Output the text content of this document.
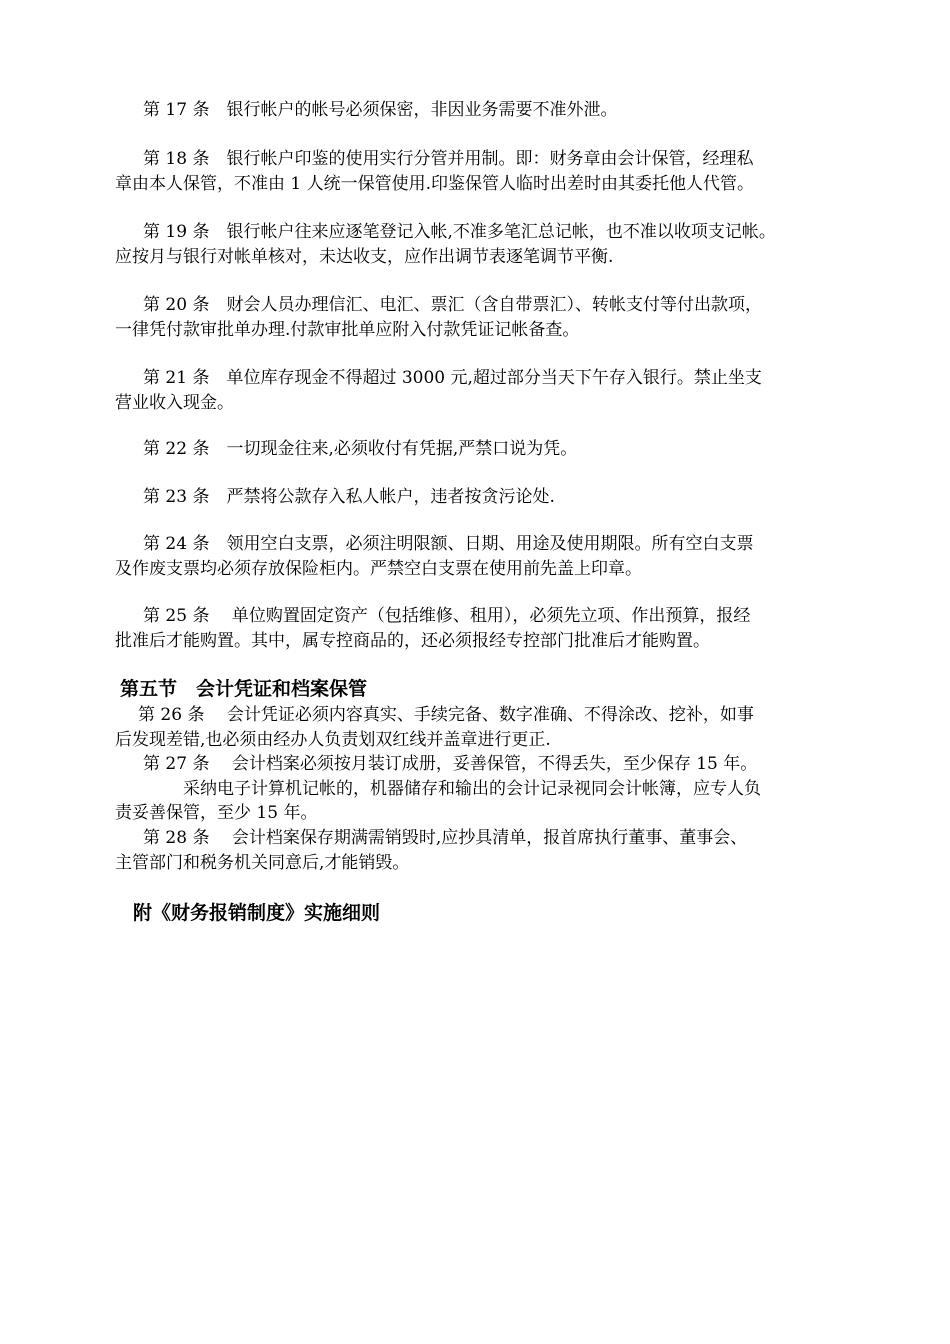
第 17 条　银行帐户的帐号必须保密，非因业务需要不准外泄。

第 18 条　银行帐户印鉴的使用实行分管并用制。即：财务章由会计保管，经理私

章由本人保管，不准由 1 人统一保管使用.印鉴保管人临时出差时由其委托他人代管。

第 19 条　银行帐户往来应逐笔登记入帐,不准多笔汇总记帐，也不准以收项支记帐。

应按月与银行对帐单核对，未达收支，应作出调节表逐笔调节平衡.

第 20 条　财会人员办理信汇、电汇、票汇（含自带票汇）、转帐支付等付出款项，

一律凭付款审批单办理.付款审批单应附入付款凭证记帐备查。

第 21 条　单位库存现金不得超过 3000 元,超过部分当天下午存入银行。禁止坐支

营业收入现金。

第 22 条　一切现金往来,必须收付有凭据,严禁口说为凭。

第 23 条　严禁将公款存入私人帐户，违者按贪污论处.

第 24 条　领用空白支票，必须注明限额、日期、用途及使用期限。所有空白支票

及作废支票均必须存放保险柜内。严禁空白支票在使用前先盖上印章。

第 25 条　 单位购置固定资产（包括维修、租用），必须先立项、作出预算，报经

批准后才能购置。其中，属专控商品的，还必须报经专控部门批准后才能购置。

第五节　会计凭证和档案保管

第 26 条　 会计凭证必须内容真实、手续完备、数字准确、不得涂改、挖补，如事

后发现差错,也必须由经办人负责划双红线并盖章进行更正.

第 27 条　 会计档案必须按月装订成册，妥善保管，不得丢失，至少保存 15 年。

采纳电子计算机记帐的，机器储存和输出的会计记录视同会计帐簿，应专人负

责妥善保管，至少 15 年。

第 28 条　 会计档案保存期满需销毁时,应抄具清单，报首席执行董事、董事会、

主管部门和税务机关同意后,才能销毁。

附《财务报销制度》实施细则
